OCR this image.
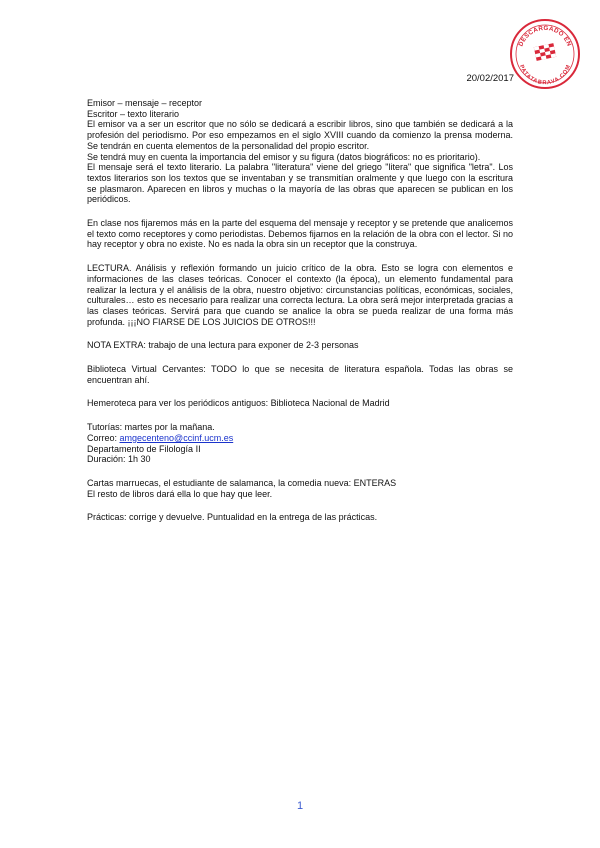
DESCARGADO EN
PATATABRAVA.COM
20/02/2017

Emisor – mensaje – receptor

Escritor – texto literario

El emisor va a ser un escritor que no sólo se dedicará a escribir libros, sino que también se dedicará a la profesión del periodismo. Por eso empezamos en el siglo XVIII cuando da comienzo la prensa moderna. Se tendrán en cuenta elementos de la personalidad del propio escritor.

Se tendrá muy en cuenta la importancia del emisor y su figura (datos biográficos: no es prioritario).

El mensaje será el texto literario. La palabra "literatura" viene del griego "litera" que significa "letra". Los textos literarios son los textos que se inventaban y se transmitían oralmente y que luego con la escritura se plasmaron. Aparecen en libros y muchas o la mayoría de las obras que aparecen se publican en los periódicos.

En clase nos fijaremos más en la parte del esquema del mensaje y receptor y se pretende que analicemos el texto como receptores y como periodistas. Debemos fijarnos en la relación de la obra con el lector. Si no hay receptor y obra no existe. No es nada la obra sin un receptor que la construya.

LECTURA. Análisis y reflexión formando un juicio crítico de la obra. Esto se logra con elementos e informaciones de las clases teóricas. Conocer el contexto (la época), un elemento fundamental para realizar la lectura y el análisis de la obra, nuestro objetivo: circunstancias políticas, económicas, sociales, culturales… esto es necesario para realizar una correcta lectura. La obra será mejor interpretada gracias a las clases teóricas. Servirá para que cuando se analice la obra se pueda realizar de una forma más profunda. ¡¡¡NO FIARSE DE LOS JUICIOS DE OTROS!!!

NOTA EXTRA: trabajo de una lectura para exponer de 2-3 personas

Biblioteca Virtual Cervantes: TODO lo que se necesita de literatura española. Todas las obras se encuentran ahí.

Hemeroteca para ver los periódicos antiguos: Biblioteca Nacional de Madrid

Tutorías: martes por la mañana.

Correo: amgecenteno@ccinf.ucm.es

Departamento de Filología II

Duración: 1h 30

Cartas marruecas, el estudiante de salamanca, la comedia nueva: ENTERAS

El resto de libros dará ella lo que hay que leer.

Prácticas: corrige y devuelve. Puntualidad en la entrega de las prácticas.

1
